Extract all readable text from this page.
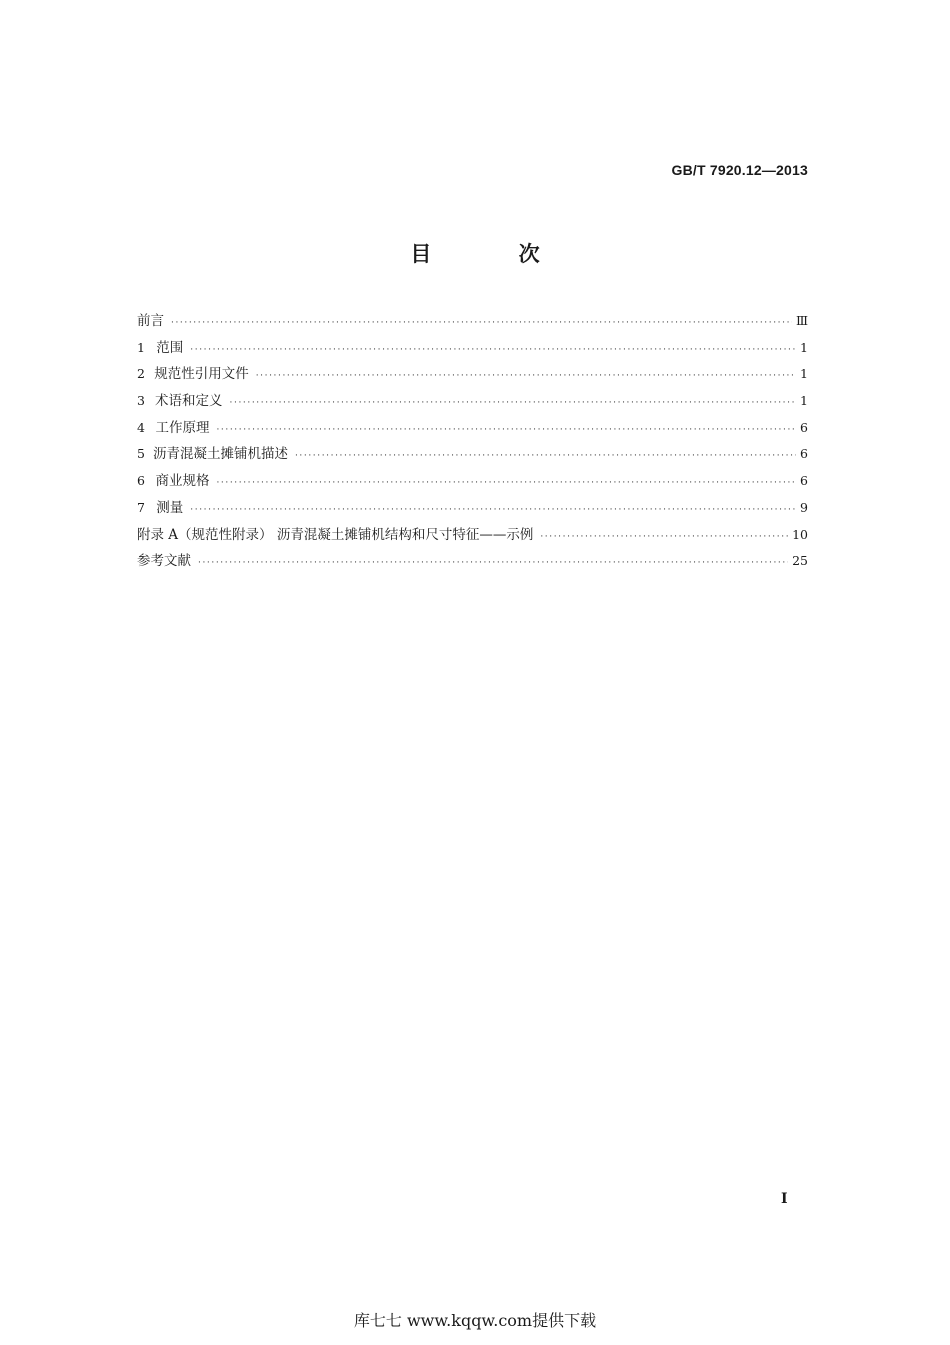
GB/T 7920.12—2013
目 次
前言 ·····	Ⅲ
1 范围 ·····	1
2 规范性引用文件 ·····	1
3 术语和定义 ·····	1
4 工作原理 ·····	6
5 沥青混凝土摊铺机描述 ·····	6
6 商业规格 ·····	6
7 测量 ·····	9
附录 A（规范性附录） 沥青混凝土摊铺机结构和尺寸特征——示例 ·····	10
参考文献 ·····	25
I
库七七 www.kqqw.com提供下载
